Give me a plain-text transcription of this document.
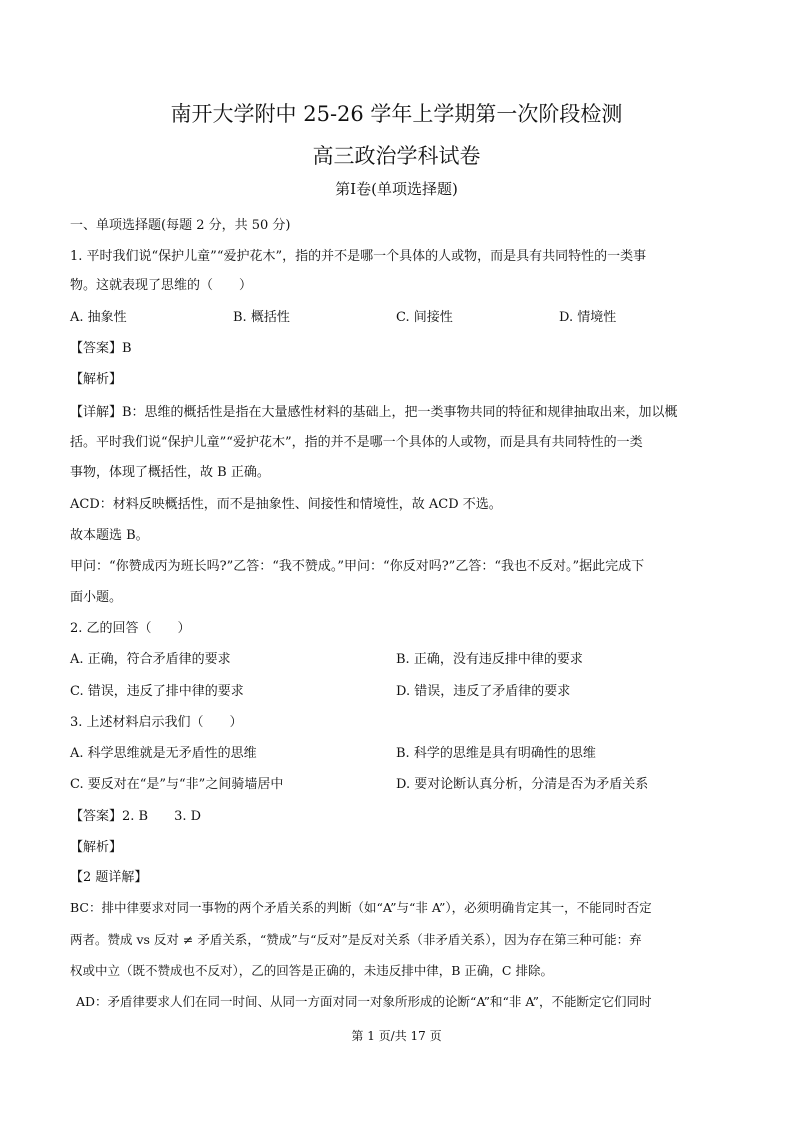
南开大学附中 25-26 学年上学期第一次阶段检测
高三政治学科试卷
第Ⅰ卷(单项选择题)
一、单项选择题(每题 2 分，共 50 分)
1. 平时我们说“保护儿童”“爱护花木”，指的并不是哪一个具体的人或物，而是具有共同特性的一类事
物。这就表现了思维的（　　）
A. 抽象性	B. 概括性	C. 间接性	D. 情境性
【答案】B
【解析】
【详解】B：思维的概括性是指在大量感性材料的基础上，把一类事物共同的特征和规律抽取出来，加以概
括。平时我们说“保护儿童”“爱护花木”，指的并不是哪一个具体的人或物，而是具有共同特性的一类
事物，体现了概括性，故 B 正确。
ACD：材料反映概括性，而不是抽象性、间接性和情境性，故 ACD 不选。
故本题选 B。
甲问：“你赞成丙为班长吗?”乙答：“我不赞成。”甲问：“你反对吗?”乙答：“我也不反对。”据此完成下
面小题。
2. 乙的回答（　　）
A. 正确，符合矛盾律的要求	B. 正确，没有违反排中律的要求
C. 错误，违反了排中律的要求	D. 错误，违反了矛盾律的要求
3. 上述材料启示我们（　　）
A. 科学思维就是无矛盾性的思维	B. 科学的思维是具有明确性的思维
C. 要反对在“是”与“非”之间骑墙居中	D. 要对论断认真分析，分清是否为矛盾关系
【答案】2. B　　3. D
【解析】
【2 题详解】
BC：排中律要求对同一事物的两个矛盾关系的判断（如“A”与“非 A”），必须明确肯定其一，不能同时否定
两者。赞成 vs 反对 ≠ 矛盾关系，“赞成”与“反对”是反对关系（非矛盾关系），因为存在第三种可能：弃
权或中立（既不赞成也不反对），乙的回答是正确的，未违反排中律，B 正确，C 排除。
AD：矛盾律要求人们在同一时间、从同一方面对同一对象所形成的论断“A”和“非 A”，不能断定它们同时
第 1 页/共 17 页
